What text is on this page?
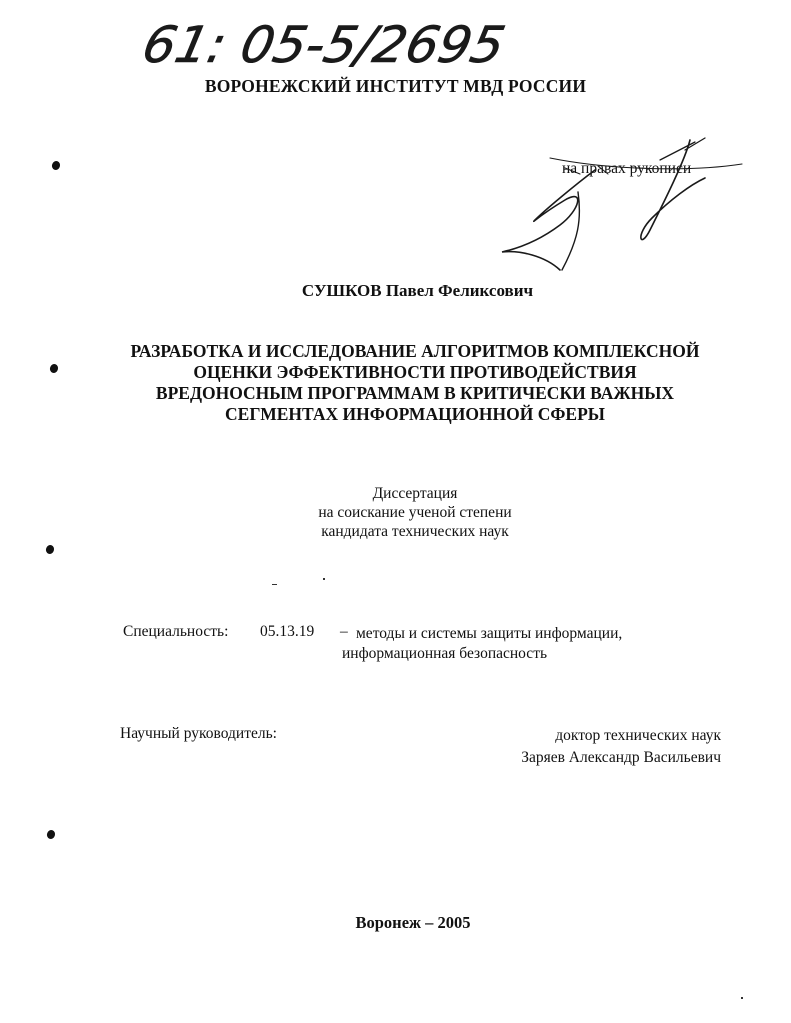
61: 05-5/2695
ВОРОНЕЖСКИЙ ИНСТИТУТ МВД РОССИИ
на правах рукописи
СУШКОВ Павел Феликсович
РАЗРАБОТКА И ИССЛЕДОВАНИЕ АЛГОРИТМОВ КОМПЛЕКСНОЙ
ОЦЕНКИ ЭФФЕКТИВНОСТИ ПРОТИВОДЕЙСТВИЯ
ВРЕДОНОСНЫМ ПРОГРАММАМ В КРИТИЧЕСКИ ВАЖНЫХ
СЕГМЕНТАХ ИНФОРМАЦИОННОЙ СФЕРЫ
Диссертация
на соискание ученой степени
кандидата технических наук
Специальность: 05.13.19 – методы и системы защиты информации,
информационная безопасность
Научный руководитель:	доктор технических наук
Заряев Александр Васильевич
Воронеж – 2005
